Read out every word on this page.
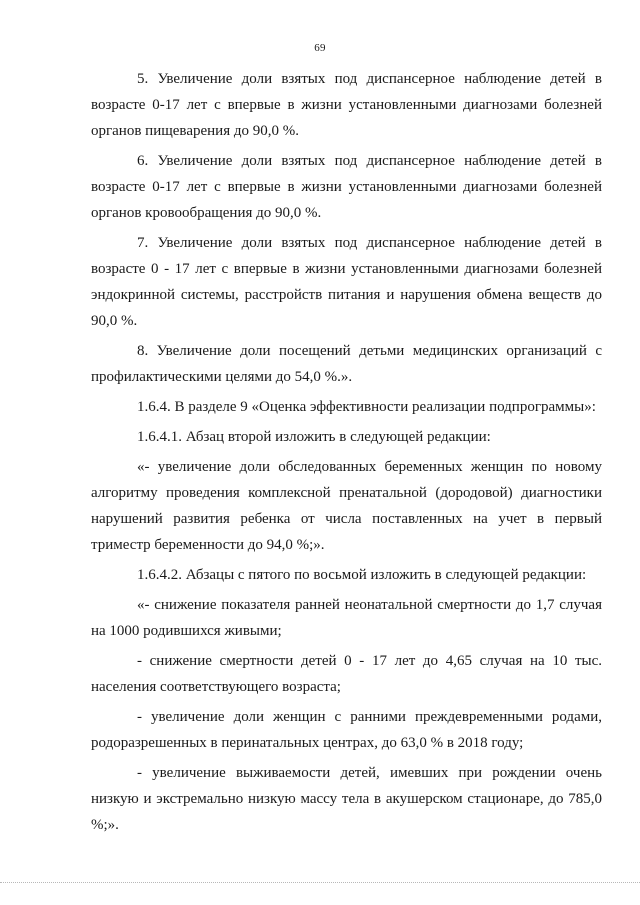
69

5. Увеличение доли взятых под диспансерное наблюдение детей в возрасте 0-17 лет с впервые в жизни установленными диагнозами болезней органов пищеварения до 90,0 %.

6. Увеличение доли взятых под диспансерное наблюдение детей в возрасте 0-17 лет с впервые в жизни установленными диагнозами болезней органов кровообращения до 90,0 %.

7. Увеличение доли взятых под диспансерное наблюдение детей в возрасте 0 - 17 лет с впервые в жизни установленными диагнозами болезней эндокринной системы, расстройств питания и нарушения обмена веществ до 90,0 %.

8. Увеличение доли посещений детьми медицинских организаций с профилактическими целями до 54,0 %.».

1.6.4. В разделе 9 «Оценка эффективности реализации подпрограммы»:

1.6.4.1. Абзац второй изложить в следующей редакции:

«- увеличение доли обследованных беременных женщин по новому алгоритму проведения комплексной пренатальной (дородовой) диагностики нарушений развития ребенка от числа поставленных на учет в первый триместр беременности до 94,0 %;».

1.6.4.2. Абзацы с пятого по восьмой изложить в следующей редакции:

«- снижение показателя ранней неонатальной смертности до 1,7 случая на 1000 родившихся живыми;

- снижение смертности детей 0 - 17 лет до 4,65 случая на 10 тыс. населения соответствующего возраста;

- увеличение доли женщин с ранними преждевременными родами, родоразрешенных в перинатальных центрах, до 63,0 % в 2018 году;

- увеличение выживаемости детей, имевших при рождении очень низкую и экстремально низкую массу тела в акушерском стационаре, до 785,0 %;».
